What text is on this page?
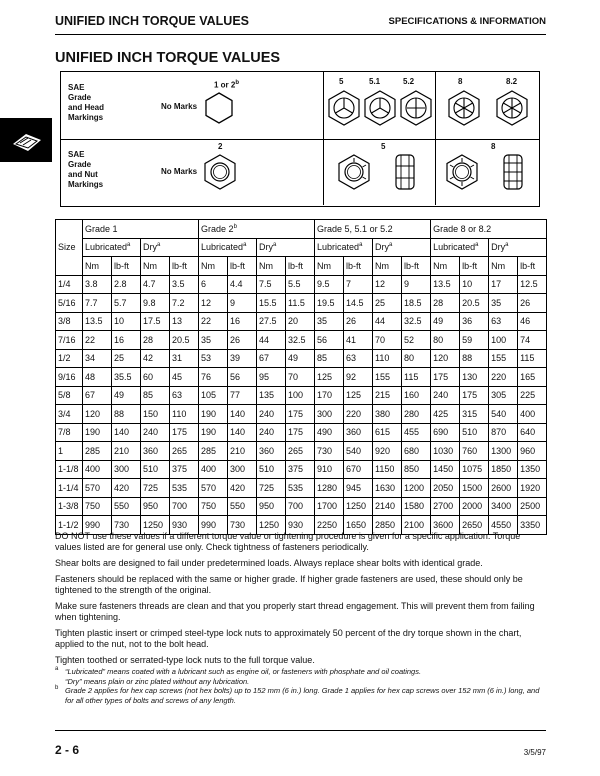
UNIFIED INCH TORQUE VALUES	SPECIFICATIONS & INFORMATION
UNIFIED INCH TORQUE VALUES
SAE
Grade
and Head
Markings
No Marks
1 or 2$^b$	5	5.1	5.2	8	8.2
SAE
Grade
and Nut
Markings
No Marks
2	5	8
Size	Grade 1				Grade 2$^b$				Grade 5, 5.1 or 5.2				Grade 8 or 8.2			
	Lubricated$^a$		Dry$^a$		Lubricated$^a$		Dry$^a$		Lubricated$^a$		Dry$^a$		Lubricated$^a$		Dry$^a$
	Nm	lb-ft	Nm	lb-ft	Nm	lb-ft	Nm	lb-ft	Nm	lb-ft	Nm	lb-ft	Nm	lb-ft	Nm	lb-ft
1/4	3.8	2.8	4.7	3.5	6	4.4	7.5	5.5	9.5	7	12	9	13.5	10	17	12.5
5/16	7.7	5.7	9.8	7.2	12	9	15.5	11.5	19.5	14.5	25	18.5	28	20.5	35	26
3/8	13.5	10	17.5	13	22	16	27.5	20	35	26	44	32.5	49	36	63	46
7/16	22	16	28	20.5	35	26	44	32.5	56	41	70	52	80	59	100	74
1/2	34	25	42	31	53	39	67	49	85	63	110	80	120	88	155	115
9/16	48	35.5	60	45	76	56	95	70	125	92	155	115	175	130	220	165
5/8	67	49	85	63	105	77	135	100	170	125	215	160	240	175	305	225
3/4	120	88	150	110	190	140	240	175	300	220	380	280	425	315	540	400
7/8	190	140	240	175	190	140	240	175	490	360	615	455	690	510	870	640
1	285	210	360	265	285	210	360	265	730	540	920	680	1030	760	1300	960
1-1/8	400	300	510	375	400	300	510	375	910	670	1150	850	1450	1075	1850	1350
1-1/4	570	420	725	535	570	420	725	535	1280	945	1630	1200	2050	1500	2600	1920
1-3/8	750	550	950	700	750	550	950	700	1700	1250	2140	1580	2700	2000	3400	2500
1-1/2	990	730	1250	930	990	730	1250	930	2250	1650	2850	2100	3600	2650	4550	3350

DO NOT use these values if a different torque value or tightening procedure is given for a specific application. Torque values listed are for general use only. Check tightness of fasteners periodically.

Shear bolts are designed to fail under predetermined loads. Always replace shear bolts with identical grade.

Fasteners should be replaced with the same or higher grade. If higher grade fasteners are used, these should only be tightened to the strength of the original.

Make sure fasteners threads are clean and that you properly start thread engagement. This will prevent them from failing when tightening.

Tighten plastic insert or crimped steel-type lock nuts to approximately 50 percent of the dry torque shown in the chart, applied to the nut, not to the bolt head.

Tighten toothed or serrated-type lock nuts to the full torque value.

a “Lubricated” means coated with a lubricant such as engine oil, or fasteners with phosphate and oil coatings.

“Dry” means plain or zinc plated without any lubrication.

b Grade 2 applies for hex cap screws (not hex bolts) up to 152 mm (6 in.) long. Grade 1 applies for hex cap screws over 152 mm (6 in.) long, and for all other types of bolts and screws of any length.

2 - 6	3/5/97
